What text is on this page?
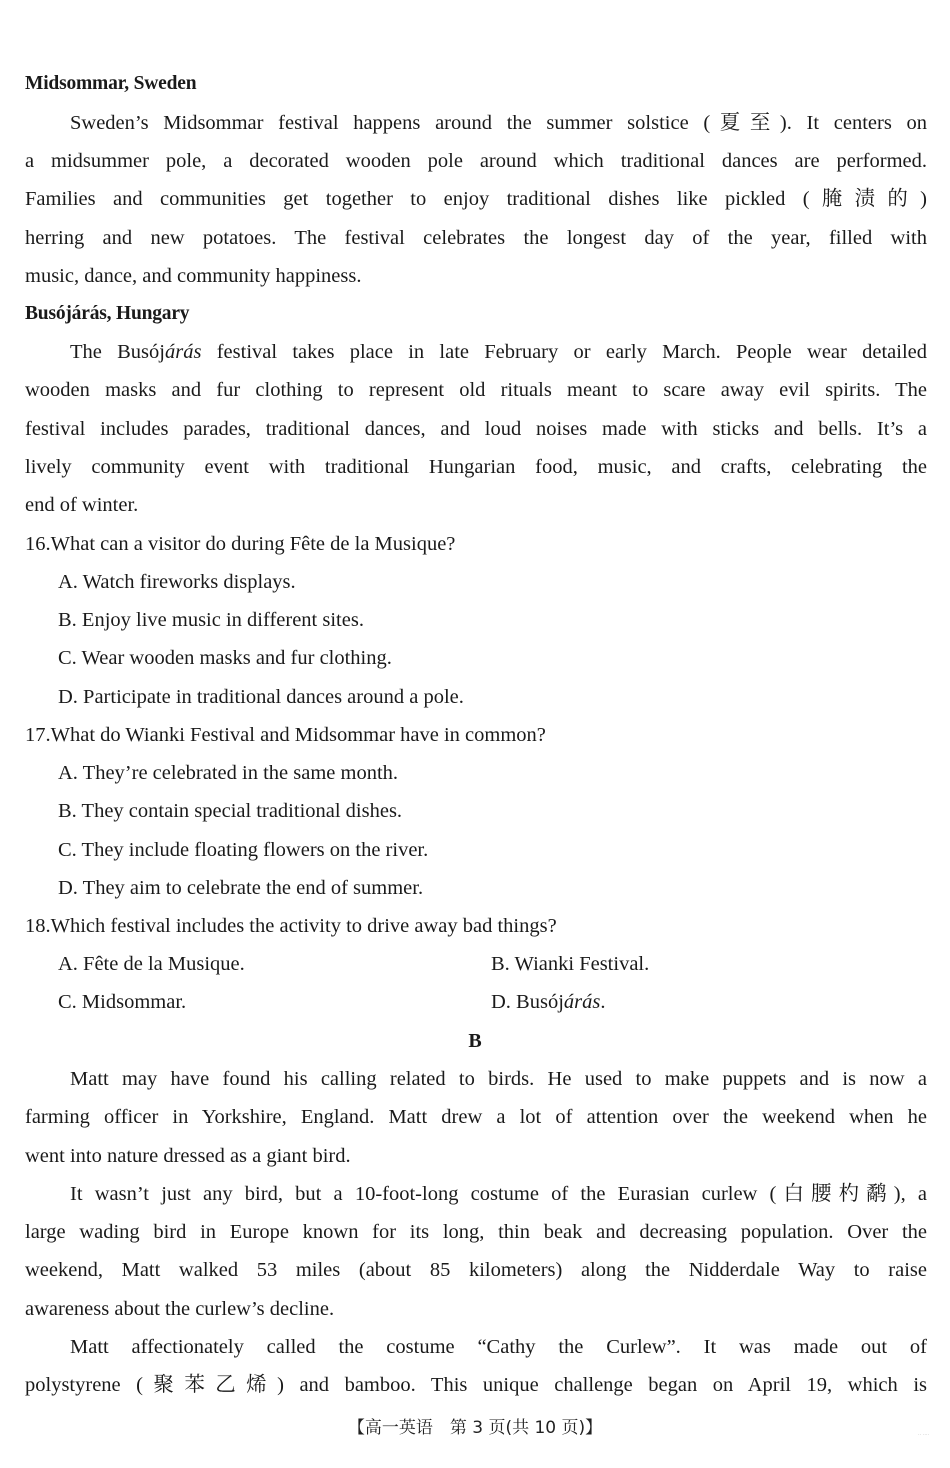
Midsommar, Sweden
Sweden’s Midsommar festival happens around the summer solstice (夏至). It centers on
a midsummer pole, a decorated wooden pole around which traditional dances are performed.
Families and communities get together to enjoy traditional dishes like pickled (腌渍的)
herring and new potatoes. The festival celebrates the longest day of the year, filled with
music, dance, and community happiness.
Busójárás, Hungary
The Busójárás festival takes place in late February or early March. People wear detailed
wooden masks and fur clothing to represent old rituals meant to scare away evil spirits. The
festival includes parades, traditional dances, and loud noises made with sticks and bells. It’s a
lively community event with traditional Hungarian food, music, and crafts, celebrating the
end of winter.
16.What can a visitor do during Fête de la Musique?
A. Watch fireworks displays.
B. Enjoy live music in different sites.
C. Wear wooden masks and fur clothing.
D. Participate in traditional dances around a pole.
17.What do Wianki Festival and Midsommar have in common?
A. They’re celebrated in the same month.
B. They contain special traditional dishes.
C. They include floating flowers on the river.
D. They aim to celebrate the end of summer.
18.Which festival includes the activity to drive away bad things?
A. Fête de la Musique.	B. Wianki Festival.
C. Midsommar.	D. Busójárás.
B
Matt may have found his calling related to birds. He used to make puppets and is now a
farming officer in Yorkshire, England. Matt drew a lot of attention over the weekend when he
went into nature dressed as a giant bird.
It wasn’t just any bird, but a 10-foot-long costume of the Eurasian curlew (白腰杓鹬), a
large wading bird in Europe known for its long, thin beak and decreasing population. Over the
weekend, Matt walked 53 miles (about 85 kilometers) along the Nidderdale Way to raise
awareness about the curlew’s decline.
Matt affectionately called the costume “Cathy the Curlew”. It was made out of
polystyrene (聚苯乙烯) and bamboo. This unique challenge began on April 19, which is
【高一英语　第 3 页(共 10 页)】	·· ····
